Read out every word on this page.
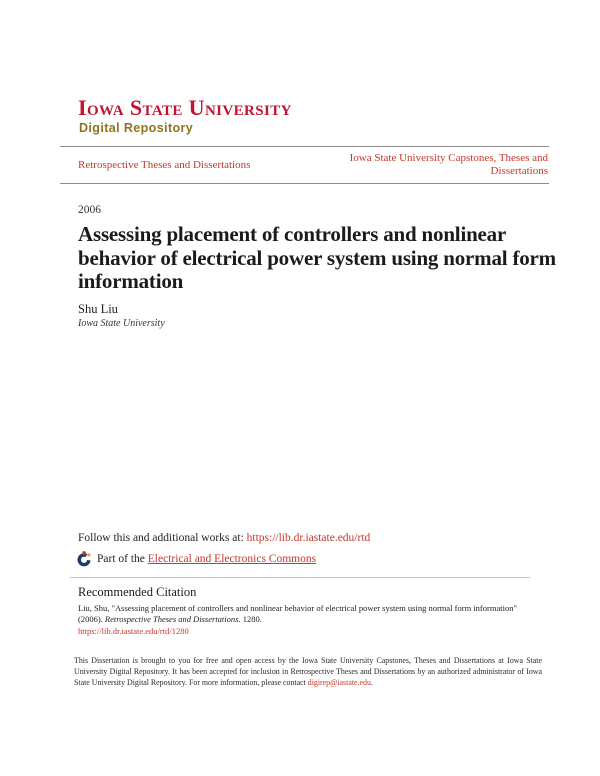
Iowa State University
Digital Repository
Retrospective Theses and Dissertations
Iowa State University Capstones, Theses and Dissertations
2006
Assessing placement of controllers and nonlinear behavior of electrical power system using normal form information
Shu Liu
Iowa State University
Follow this and additional works at: https://lib.dr.iastate.edu/rtd
Part of the Electrical and Electronics Commons
Recommended Citation
Liu, Shu, "Assessing placement of controllers and nonlinear behavior of electrical power system using normal form information" (2006). Retrospective Theses and Dissertations. 1280.
https://lib.dr.iastate.edu/rtd/1280
This Dissertation is brought to you for free and open access by the Iowa State University Capstones, Theses and Dissertations at Iowa State University Digital Repository. It has been accepted for inclusion in Retrospective Theses and Dissertations by an authorized administrator of Iowa State University Digital Repository. For more information, please contact digirep@iastate.edu.
